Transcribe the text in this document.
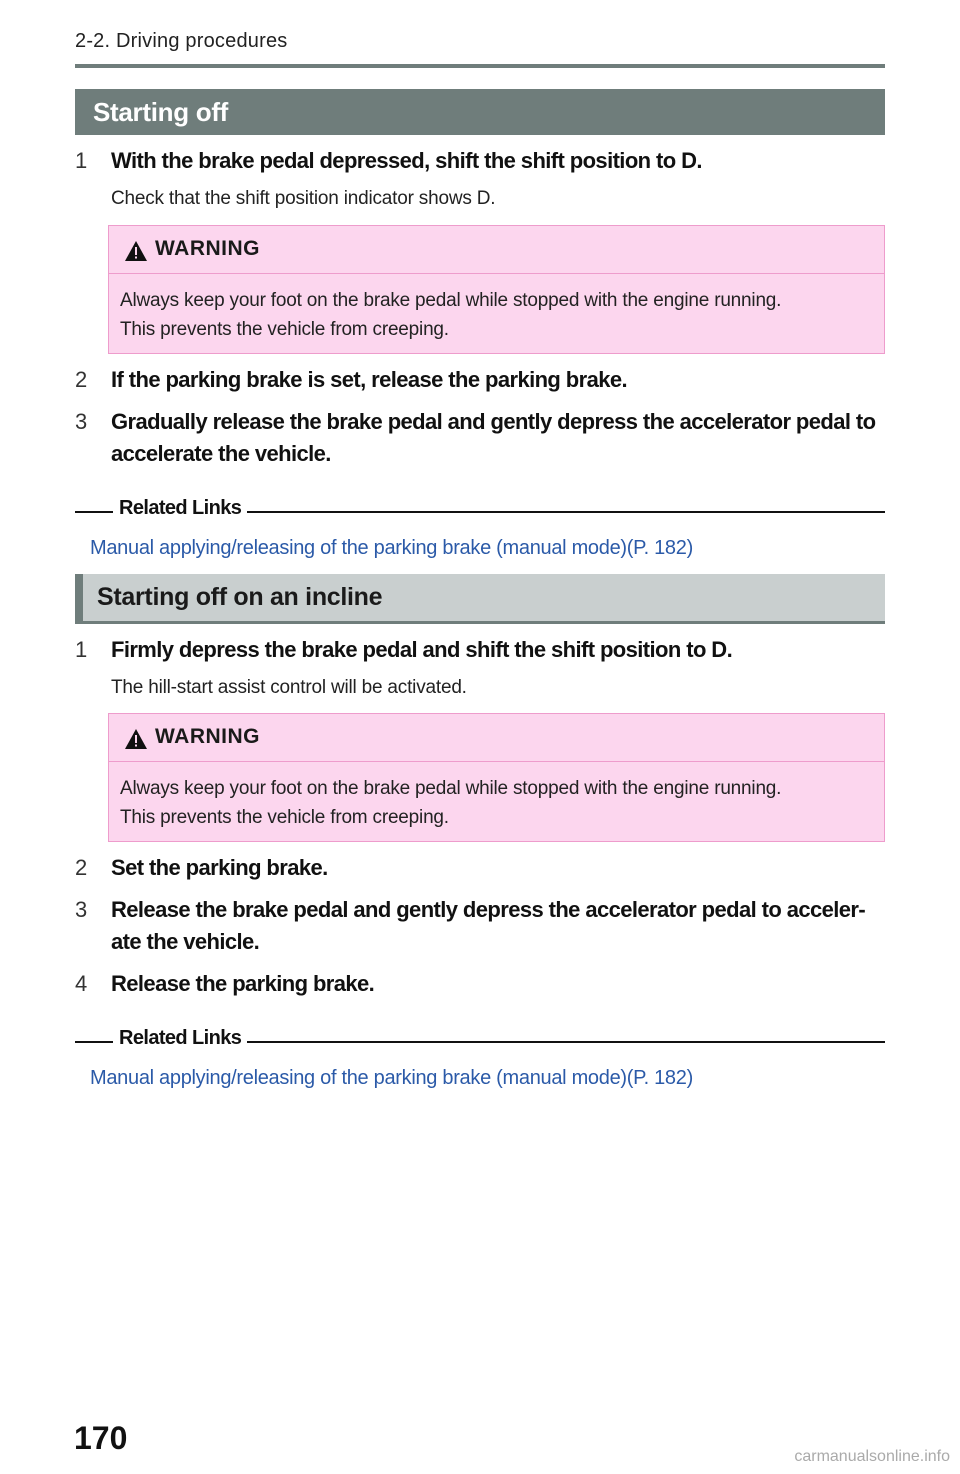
2-2. Driving procedures
Starting off
1	With the brake pedal depressed, shift the shift position to D.
Check that the shift position indicator shows D.
WARNING
Always keep your foot on the brake pedal while stopped with the engine running.
This prevents the vehicle from creeping.
2	If the parking brake is set, release the parking brake.
3	Gradually release the brake pedal and gently depress the accelerator pedal to accelerate the vehicle.
Related Links
Manual applying/releasing of the parking brake (manual mode)(P. 182)
Starting off on an incline
1	Firmly depress the brake pedal and shift the shift position to D.
The hill-start assist control will be activated.
WARNING
Always keep your foot on the brake pedal while stopped with the engine running.
This prevents the vehicle from creeping.
2	Set the parking brake.
3	Release the brake pedal and gently depress the accelerator pedal to acceler-ate the vehicle.
4	Release the parking brake.
Related Links
Manual applying/releasing of the parking brake (manual mode)(P. 182)
170
carmanualsonline.info
